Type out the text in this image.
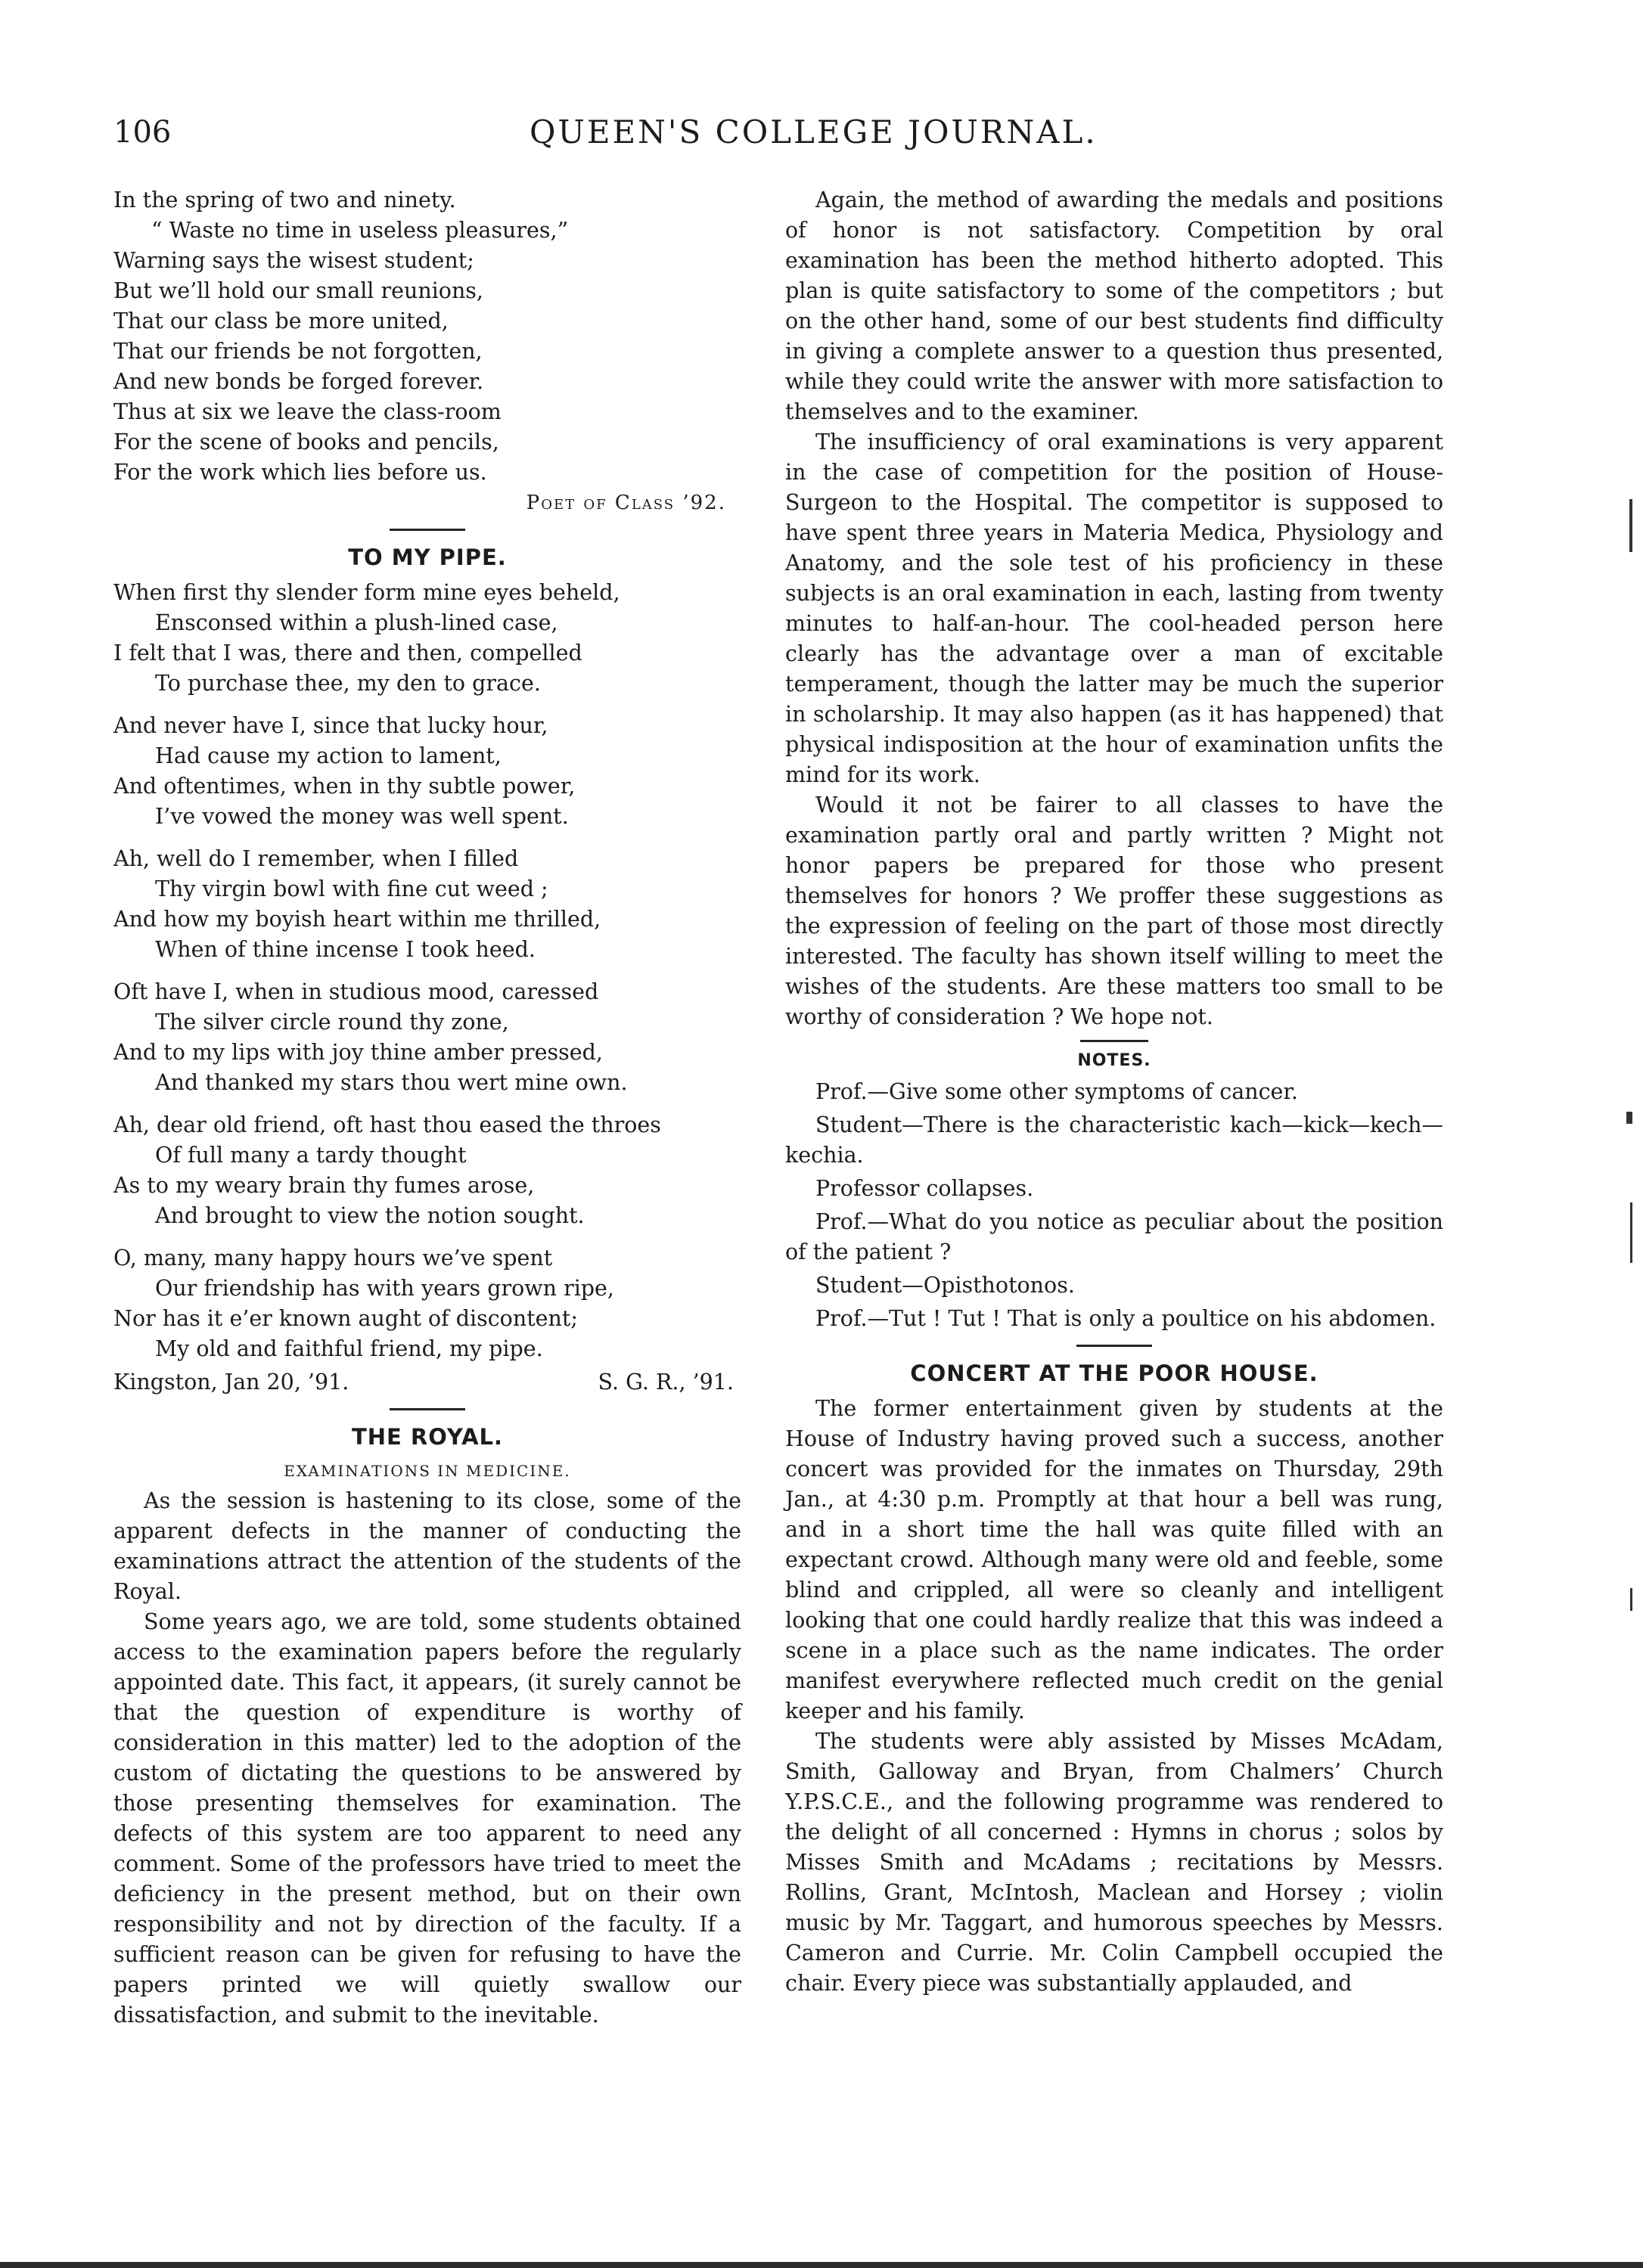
106	QUEEN'S COLLEGE JOURNAL.
In the spring of two and ninety.
“ Waste no time in useless pleasures,”
Warning says the wisest student;
But we’ll hold our small reunions,
That our class be more united,
That our friends be not forgotten,
And new bonds be forged forever.
Thus at six we leave the class-room
For the scene of books and pencils,
For the work which lies before us.
Poet of Class ’92.
TO MY PIPE.
When first thy slender form mine eyes beheld,
Ensconsed within a plush-lined case,
I felt that I was, there and then, compelled
To purchase thee, my den to grace.
And never have I, since that lucky hour,
Had cause my action to lament,
And oftentimes, when in thy subtle power,
I’ve vowed the money was well spent.
Ah, well do I remember, when I filled
Thy virgin bowl with fine cut weed ;
And how my boyish heart within me thrilled,
When of thine incense I took heed.
Oft have I, when in studious mood, caressed
The silver circle round thy zone,
And to my lips with joy thine amber pressed,
And thanked my stars thou wert mine own.
Ah, dear old friend, oft hast thou eased the throes
Of full many a tardy thought
As to my weary brain thy fumes arose,
And brought to view the notion sought.
O, many, many happy hours we’ve spent
Our friendship has with years grown ripe,
Nor has it e’er known aught of discontent;
My old and faithful friend, my pipe.
Kingston, Jan 20, ’91.	S. G. R., ’91.
THE ROYAL.
EXAMINATIONS IN MEDICINE.

As the session is hastening to its close, some of the apparent defects in the manner of conducting the examinations attract the attention of the students of the Royal.

Some years ago, we are told, some students obtained access to the examination papers before the regularly appointed date. This fact, it appears, (it surely cannot be that the question of expenditure is worthy of consideration in this matter) led to the adoption of the custom of dictating the questions to be answered by those presenting themselves for examination. The defects of this system are too apparent to need any comment. Some of the professors have tried to meet the deficiency in the present method, but on their own responsibility and not by direction of the faculty. If a sufficient reason can be given for refusing to have the papers printed we will quietly swallow our dissatisfaction, and submit to the inevitable.

Again, the method of awarding the medals and positions of honor is not satisfactory. Competition by oral examination has been the method hitherto adopted. This plan is quite satisfactory to some of the competitors ; but on the other hand, some of our best students find difficulty in giving a complete answer to a question thus presented, while they could write the answer with more satisfaction to themselves and to the examiner.

The insufficiency of oral examinations is very apparent in the case of competition for the position of House-Surgeon to the Hospital. The competitor is supposed to have spent three years in Materia Medica, Physiology and Anatomy, and the sole test of his proficiency in these subjects is an oral examination in each, lasting from twenty minutes to half-an-hour. The cool-headed person here clearly has the advantage over a man of excitable temperament, though the latter may be much the superior in scholarship. It may also happen (as it has happened) that physical indisposition at the hour of examination unfits the mind for its work.

Would it not be fairer to all classes to have the examination partly oral and partly written ? Might not honor papers be prepared for those who present themselves for honors ? We proffer these suggestions as the expression of feeling on the part of those most directly interested. The faculty has shown itself willing to meet the wishes of the students. Are these matters too small to be worthy of consideration ? We hope not.

NOTES.

Prof.—Give some other symptoms of cancer.

Student—There is the characteristic kach—kick—kech—kechia.

Professor collapses.

Prof.—What do you notice as peculiar about the position of the patient ?

Student—Opisthotonos.

Prof.—Tut ! Tut ! That is only a poultice on his abdomen.

CONCERT AT THE POOR HOUSE.

The former entertainment given by students at the House of Industry having proved such a success, another concert was provided for the inmates on Thursday, 29th Jan., at 4:30 p.m. Promptly at that hour a bell was rung, and in a short time the hall was quite filled with an expectant crowd. Although many were old and feeble, some blind and crippled, all were so cleanly and intelligent looking that one could hardly realize that this was indeed a scene in a place such as the name indicates. The order manifest everywhere reflected much credit on the genial keeper and his family.

The students were ably assisted by Misses McAdam, Smith, Galloway and Bryan, from Chalmers’ Church Y.P.S.C.E., and the following programme was rendered to the delight of all concerned : Hymns in chorus ; solos by Misses Smith and McAdams ; recitations by Messrs. Rollins, Grant, McIntosh, Maclean and Horsey ; violin music by Mr. Taggart, and humorous speeches by Messrs. Cameron and Currie. Mr. Colin Campbell occupied the chair. Every piece was substantially applauded, and
